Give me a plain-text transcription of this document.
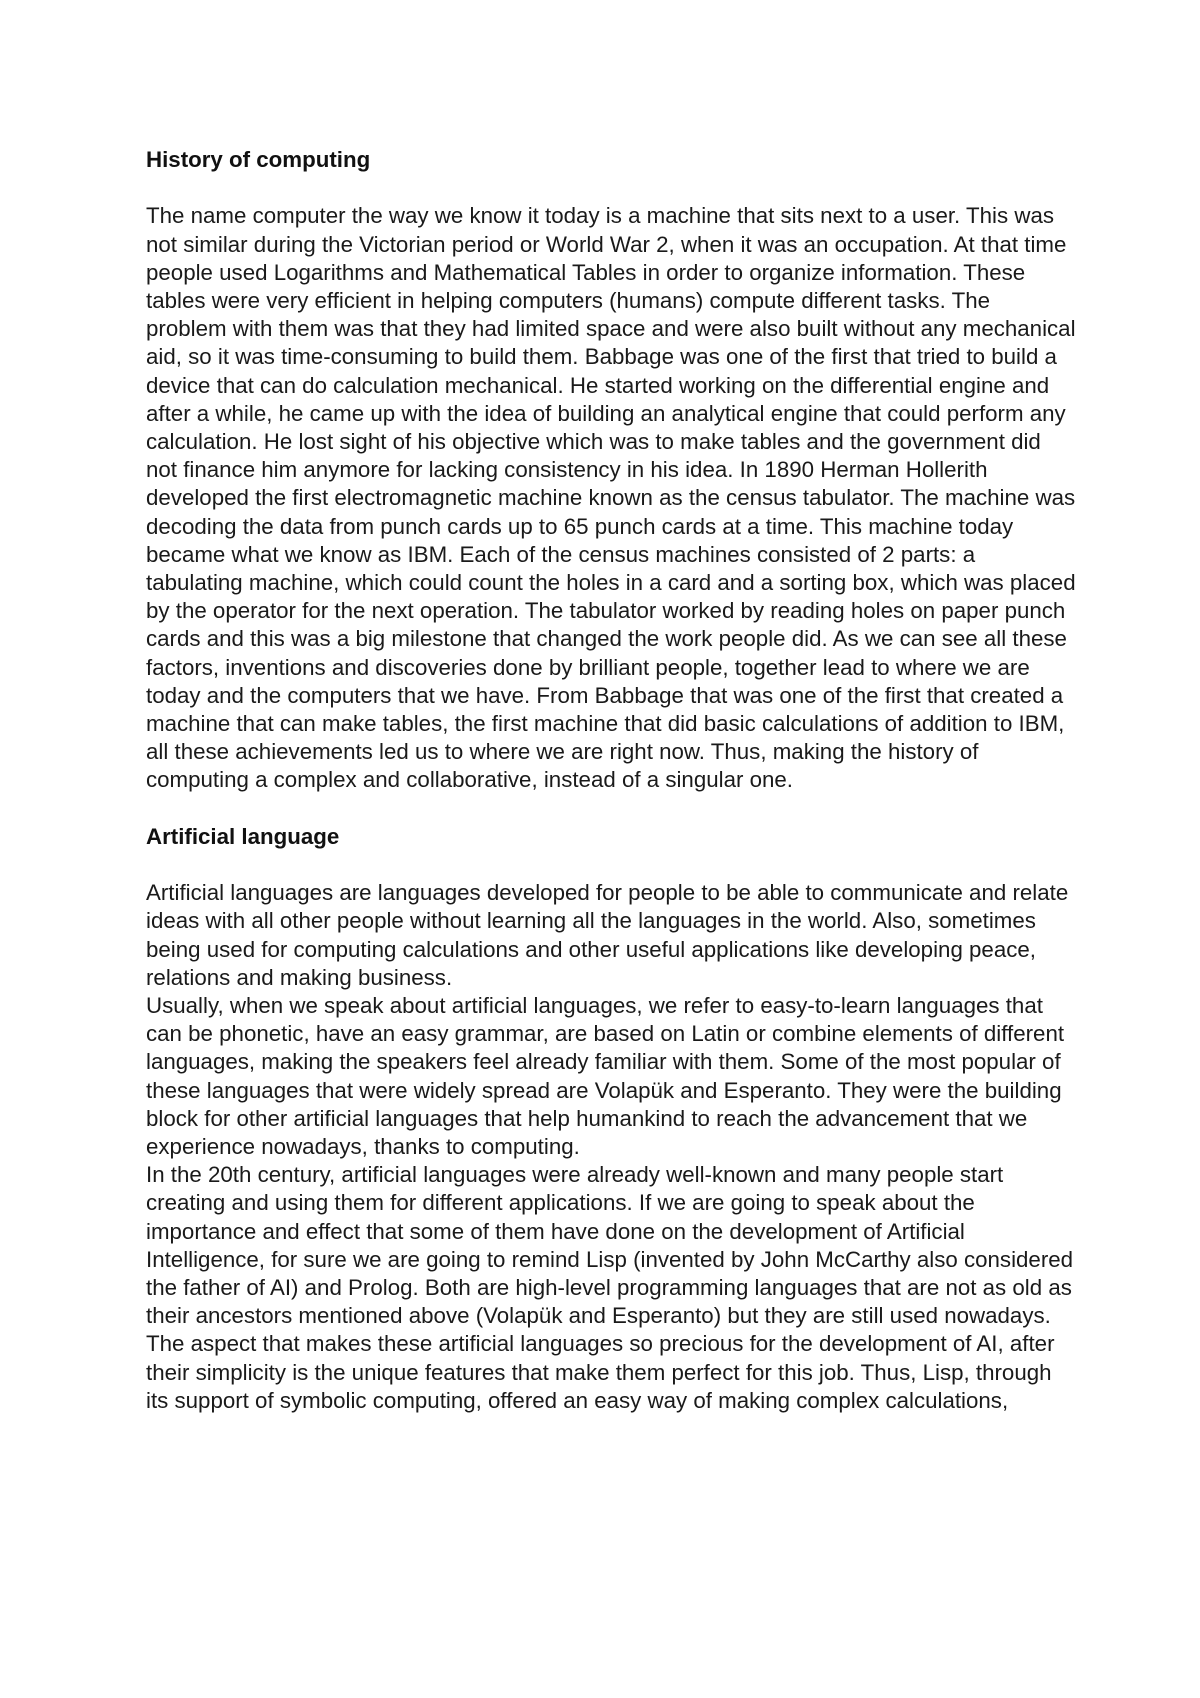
History of computing

The name computer the way we know it today is a machine that sits next to a user. This was not similar during the Victorian period or World War 2, when it was an occupation. At that time people used Logarithms and Mathematical Tables in order to organize information. These tables were very efficient in helping computers (humans) compute different tasks. The problem with them was that they had limited space and were also built without any mechanical aid, so it was time-consuming to build them. Babbage was one of the first that tried to build a device that can do calculation mechanical. He started working on the differential engine and after a while, he came up with the idea of building an analytical engine that could perform any calculation. He lost sight of his objective which was to make tables and the government did not finance him anymore for lacking consistency in his idea. In 1890 Herman Hollerith developed the first electromagnetic machine known as the census tabulator. The machine was decoding the data from punch cards up to 65 punch cards at a time. This machine today became what we know as IBM. Each of the census machines consisted of 2 parts: a tabulating machine, which could count the holes in a card and a sorting box, which was placed by the operator for the next operation. The tabulator worked by reading holes on paper punch cards and this was a big milestone that changed the work people did. As we can see all these factors, inventions and discoveries done by brilliant people, together lead to where we are today and the computers that we have. From Babbage that was one of the first that created a machine that can make tables, the first machine that did basic calculations of addition to IBM, all these achievements led us to where we are right now. Thus, making the history of computing a complex and collaborative, instead of a singular one.

Artificial language

Artificial languages are languages developed for people to be able to communicate and relate ideas with all other people without learning all the languages in the world. Also, sometimes being used for computing calculations and other useful applications like developing peace, relations and making business.

Usually, when we speak about artificial languages, we refer to easy-to-learn languages that can be phonetic, have an easy grammar, are based on Latin or combine elements of different languages, making the speakers feel already familiar with them. Some of the most popular of these languages that were widely spread are Volapük and Esperanto. They were the building block for other artificial languages that help humankind to reach the advancement that we experience nowadays, thanks to computing.

In the 20th century, artificial languages were already well-known and many people start creating and using them for different applications. If we are going to speak about the importance and effect that some of them have done on the development of Artificial Intelligence, for sure we are going to remind Lisp (invented by John McCarthy also considered the father of AI) and Prolog. Both are high-level programming languages that are not as old as their ancestors mentioned above (Volapük and Esperanto) but they are still used nowadays. The aspect that makes these artificial languages so precious for the development of AI, after their simplicity is the unique features that make them perfect for this job. Thus, Lisp, through its support of symbolic computing, offered an easy way of making complex calculations,
